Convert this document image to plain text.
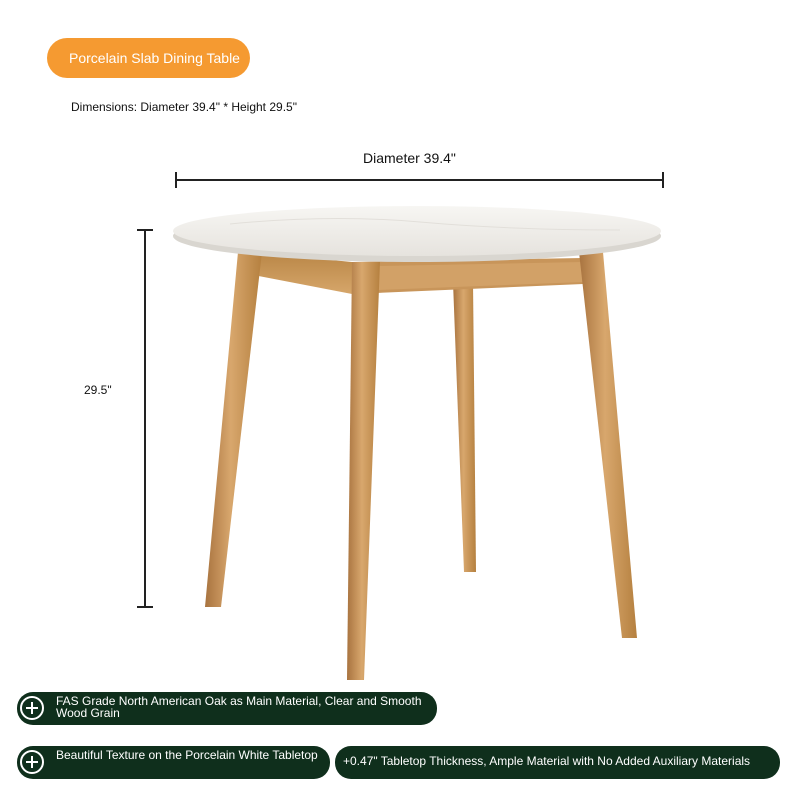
Porcelain Slab Dining Table
Dimensions: Diameter 39.4" * Height 29.5"
Diameter 39.4"
29.5"
FAS Grade North American Oak as Main Material, Clear and Smooth Wood Grain
Beautiful Texture on the Porcelain White Tabletop	+0.47" Tabletop Thickness, Ample Material with No Added Auxiliary Materials
